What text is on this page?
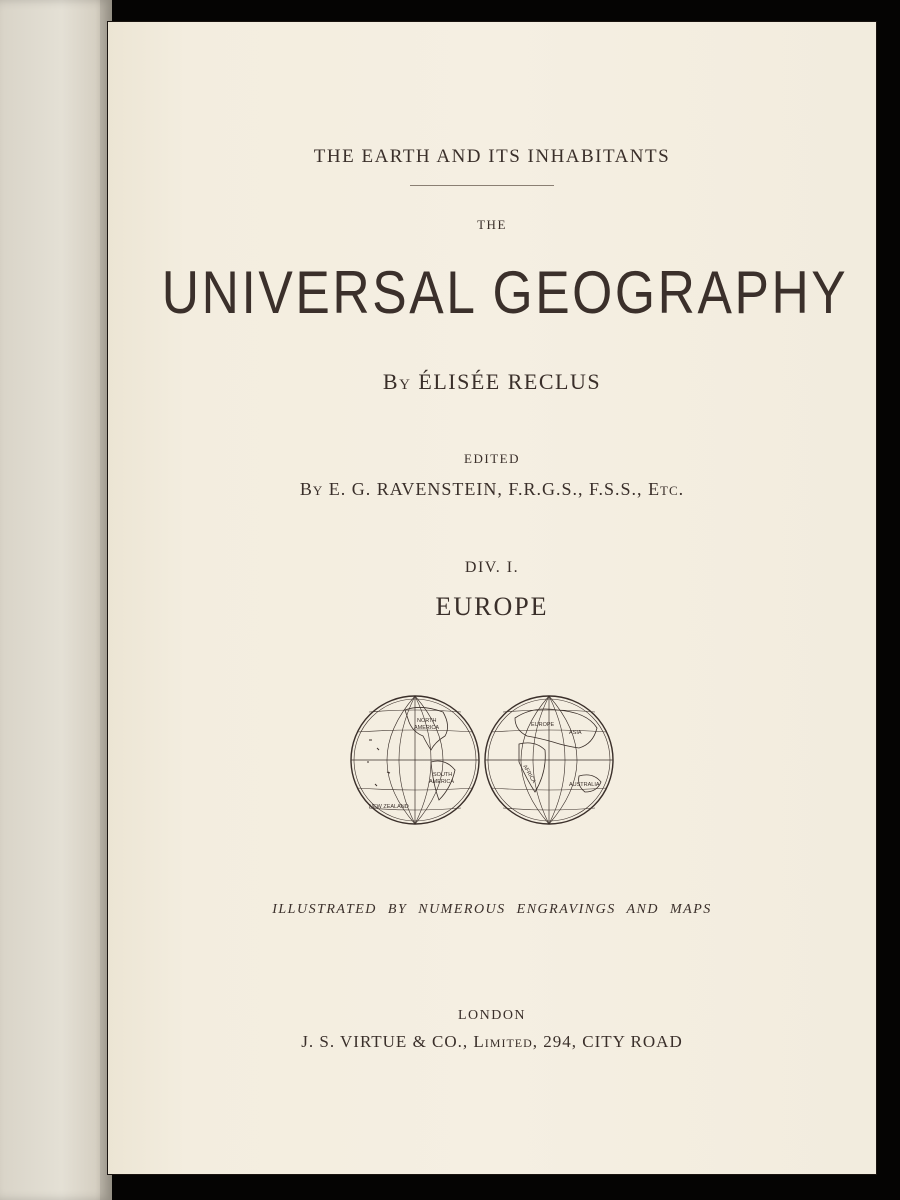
THE EARTH AND ITS INHABITANTS
THE
UNIVERSAL GEOGRAPHY
By ÉLISÉE RECLUS
EDITED
By E. G. RAVENSTEIN, F.R.G.S., F.S.S., Etc.
DIV. I.
EUROPE
NORTH
AMERICA
SOUTH
AMERICA
NEW ZEALAND
EUROPE
ASIA
AFRICA
AUSTRALIA
ILLUSTRATED BY NUMEROUS ENGRAVINGS AND MAPS
LONDON
J. S. VIRTUE & CO., Limited, 294, CITY ROAD
